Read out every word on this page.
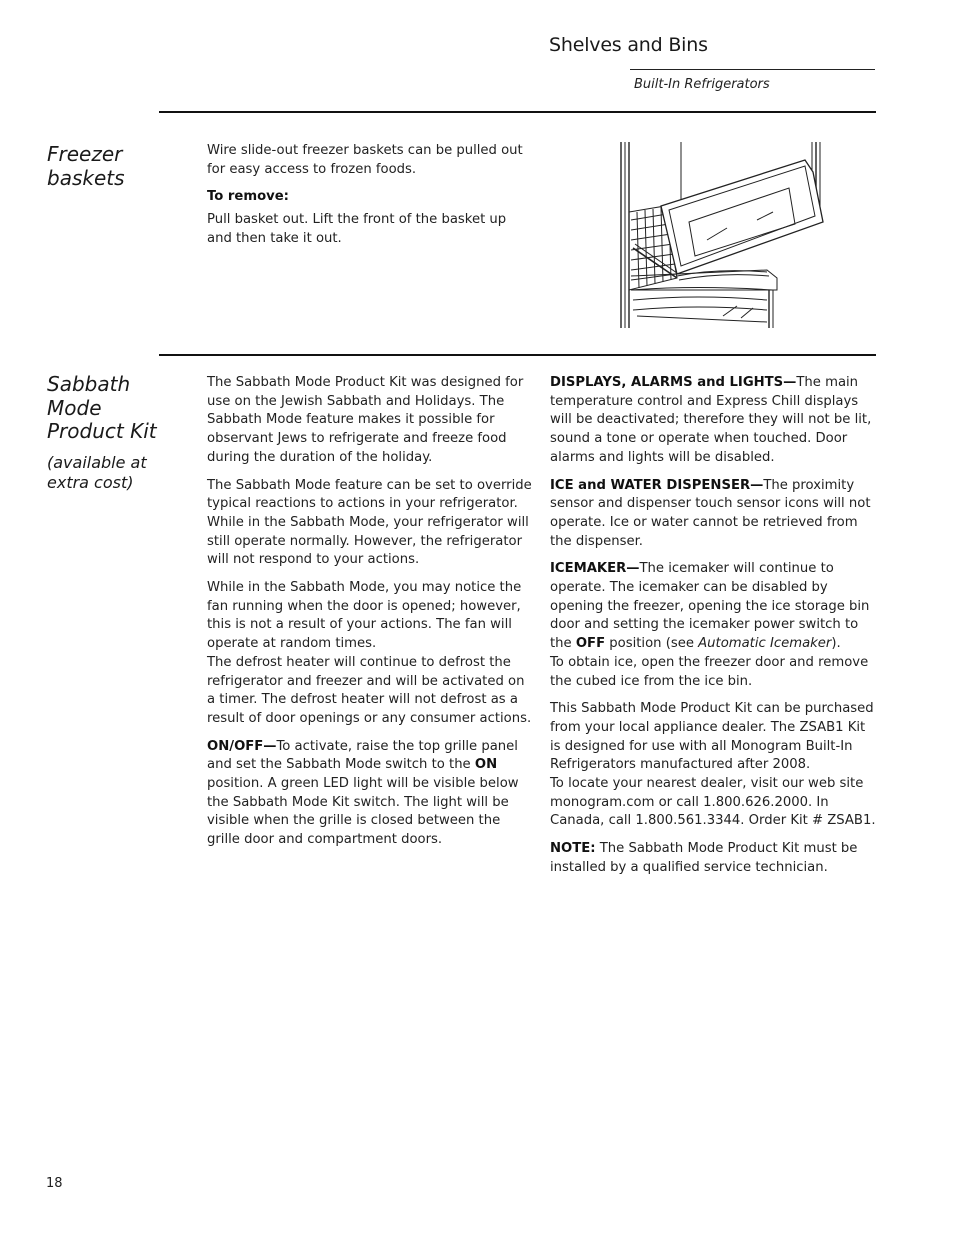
Shelves and Bins
Built-In Refrigerators
Freezer
baskets

Wire slide-out freezer baskets can be pulled out for easy access to frozen foods.

To remove:

Pull basket out. Lift the front of the basket up and then take it out.

Sabbath
Mode
Product Kit
(available at
extra cost)

The Sabbath Mode Product Kit was designed for use on the Jewish Sabbath and Holidays. The Sabbath Mode feature makes it possible for observant Jews to refrigerate and freeze food during the duration of the holiday.

The Sabbath Mode feature can be set to override typical reactions to actions in your refrigerator. While in the Sabbath Mode, your refrigerator will still operate normally. However, the refrigerator will not respond to your actions.

While in the Sabbath Mode, you may notice the fan running when the door is opened; however, this is not a result of your actions. The fan will operate at random times.
The defrost heater will continue to defrost the refrigerator and freezer and will be activated on a timer. The defrost heater will not defrost as a result of door openings or any consumer actions.

ON/OFF—To activate, raise the top grille panel and set the Sabbath Mode switch to the ON position. A green LED light will be visible below the Sabbath Mode Kit switch. The light will be visible when the grille is closed between the grille door and compartment doors.

DISPLAYS, ALARMS and LIGHTS—The main temperature control and Express Chill displays will be deactivated; therefore they will not be lit, sound a tone or operate when touched. Door alarms and lights will be disabled.

ICE and WATER DISPENSER—The proximity sensor and dispenser touch sensor icons will not operate. Ice or water cannot be retrieved from the dispenser.

ICEMAKER—The icemaker will continue to operate. The icemaker can be disabled by opening the freezer, opening the ice storage bin door and setting the icemaker power switch to the OFF position (see Automatic Icemaker).
To obtain ice, open the freezer door and remove the cubed ice from the ice bin.

This Sabbath Mode Product Kit can be purchased from your local appliance dealer. The ZSAB1 Kit is designed for use with all Monogram Built-In Refrigerators manufactured after 2008.
To locate your nearest dealer, visit our web site monogram.com or call 1.800.626.2000. In Canada, call 1.800.561.3344. Order Kit # ZSAB1.

NOTE: The Sabbath Mode Product Kit must be installed by a qualified service technician.

18
